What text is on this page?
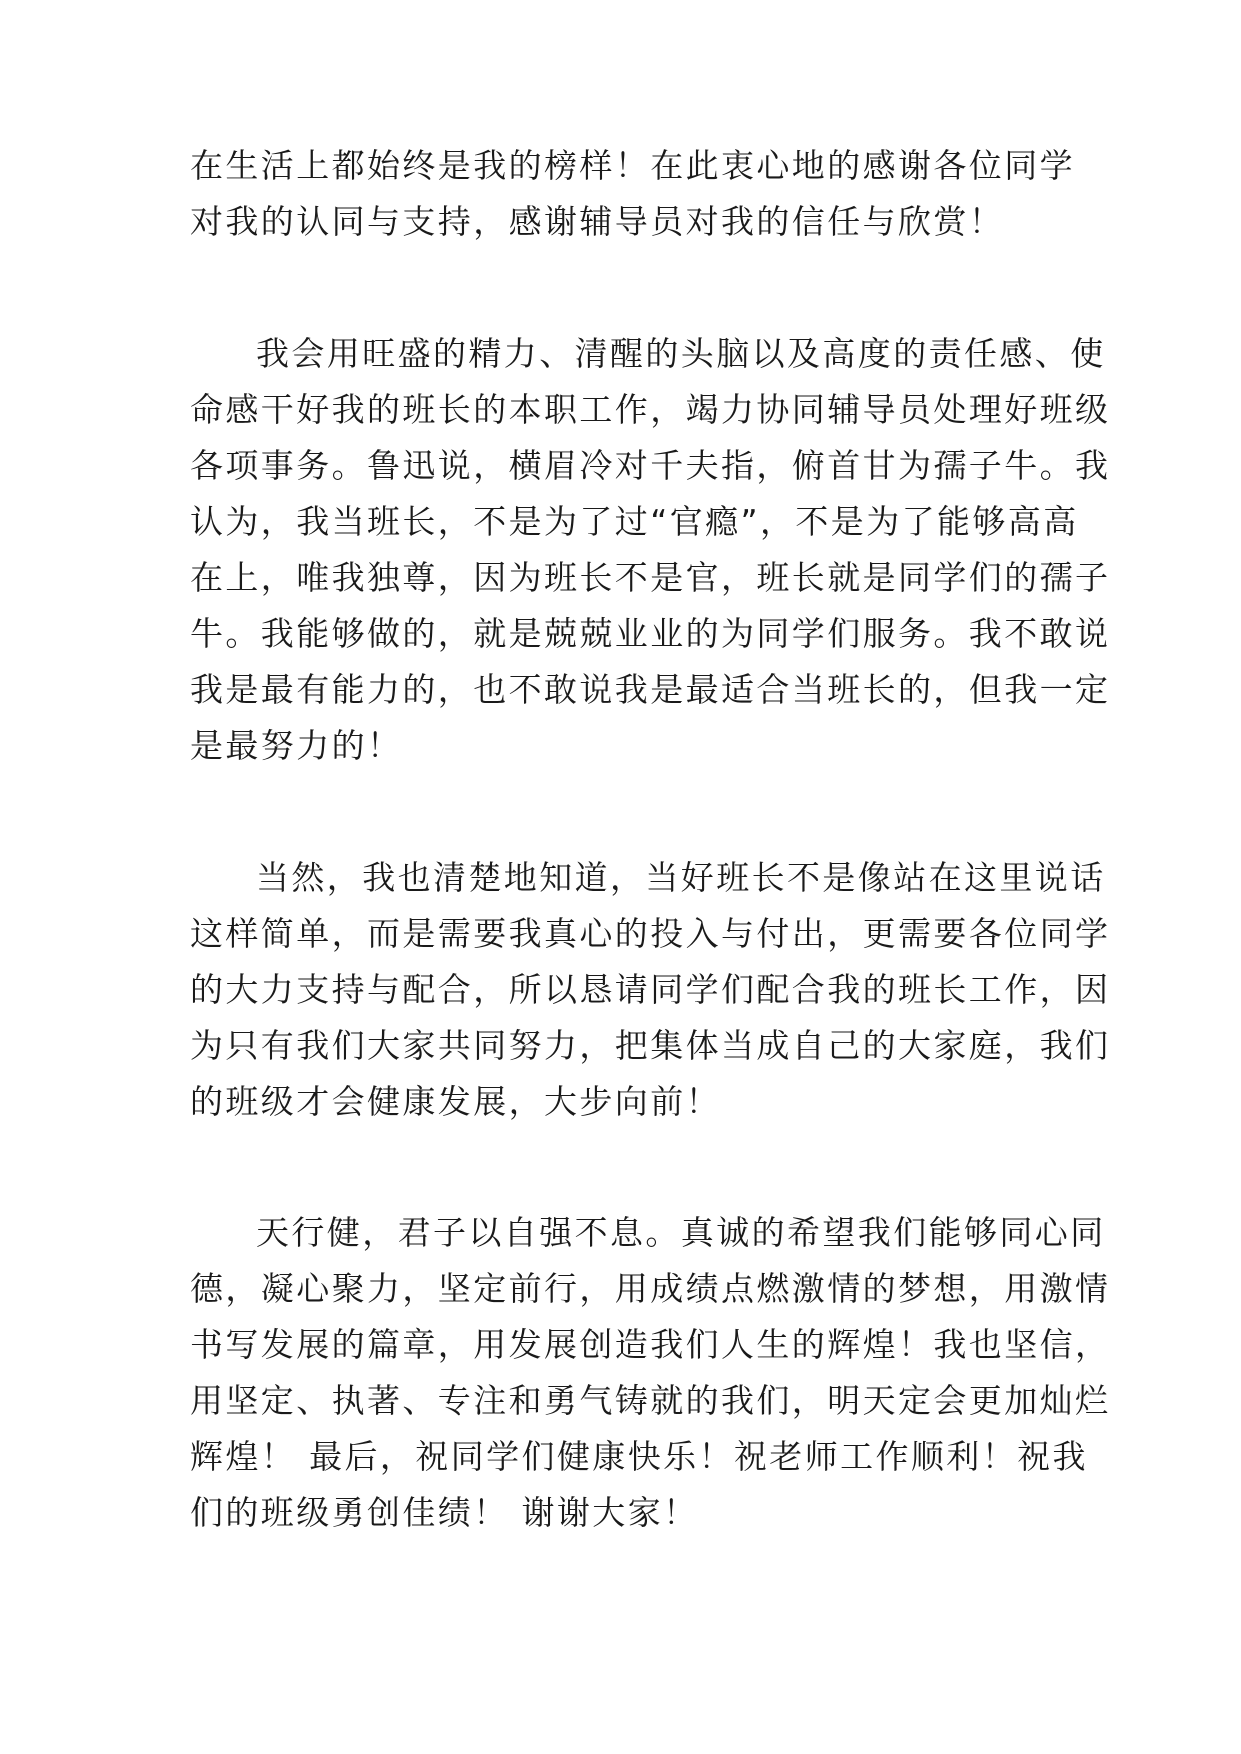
在生活上都始终是我的榜样！在此衷心地的感谢各位同学
对我的认同与支持，感谢辅导员对我的信任与欣赏！
我会用旺盛的精力、清醒的头脑以及高度的责任感、使
命感干好我的班长的本职工作，竭力协同辅导员处理好班级
各项事务。鲁迅说，横眉冷对千夫指，俯首甘为孺子牛。我
认为，我当班长，不是为了过“官瘾”，不是为了能够高高
在上，唯我独尊，因为班长不是官，班长就是同学们的孺子
牛。我能够做的，就是兢兢业业的为同学们服务。我不敢说
我是最有能力的，也不敢说我是最适合当班长的，但我一定
是最努力的！
当然，我也清楚地知道，当好班长不是像站在这里说话
这样简单，而是需要我真心的投入与付出，更需要各位同学
的大力支持与配合，所以恳请同学们配合我的班长工作，因
为只有我们大家共同努力，把集体当成自己的大家庭，我们
的班级才会健康发展，大步向前！
天行健，君子以自强不息。真诚的希望我们能够同心同
德，凝心聚力，坚定前行，用成绩点燃激情的梦想，用激情
书写发展的篇章，用发展创造我们人生的辉煌！我也坚信，
用坚定、执著、专注和勇气铸就的我们，明天定会更加灿烂
辉煌！ 最后，祝同学们健康快乐！祝老师工作顺利！祝我
们的班级勇创佳绩！ 谢谢大家！
